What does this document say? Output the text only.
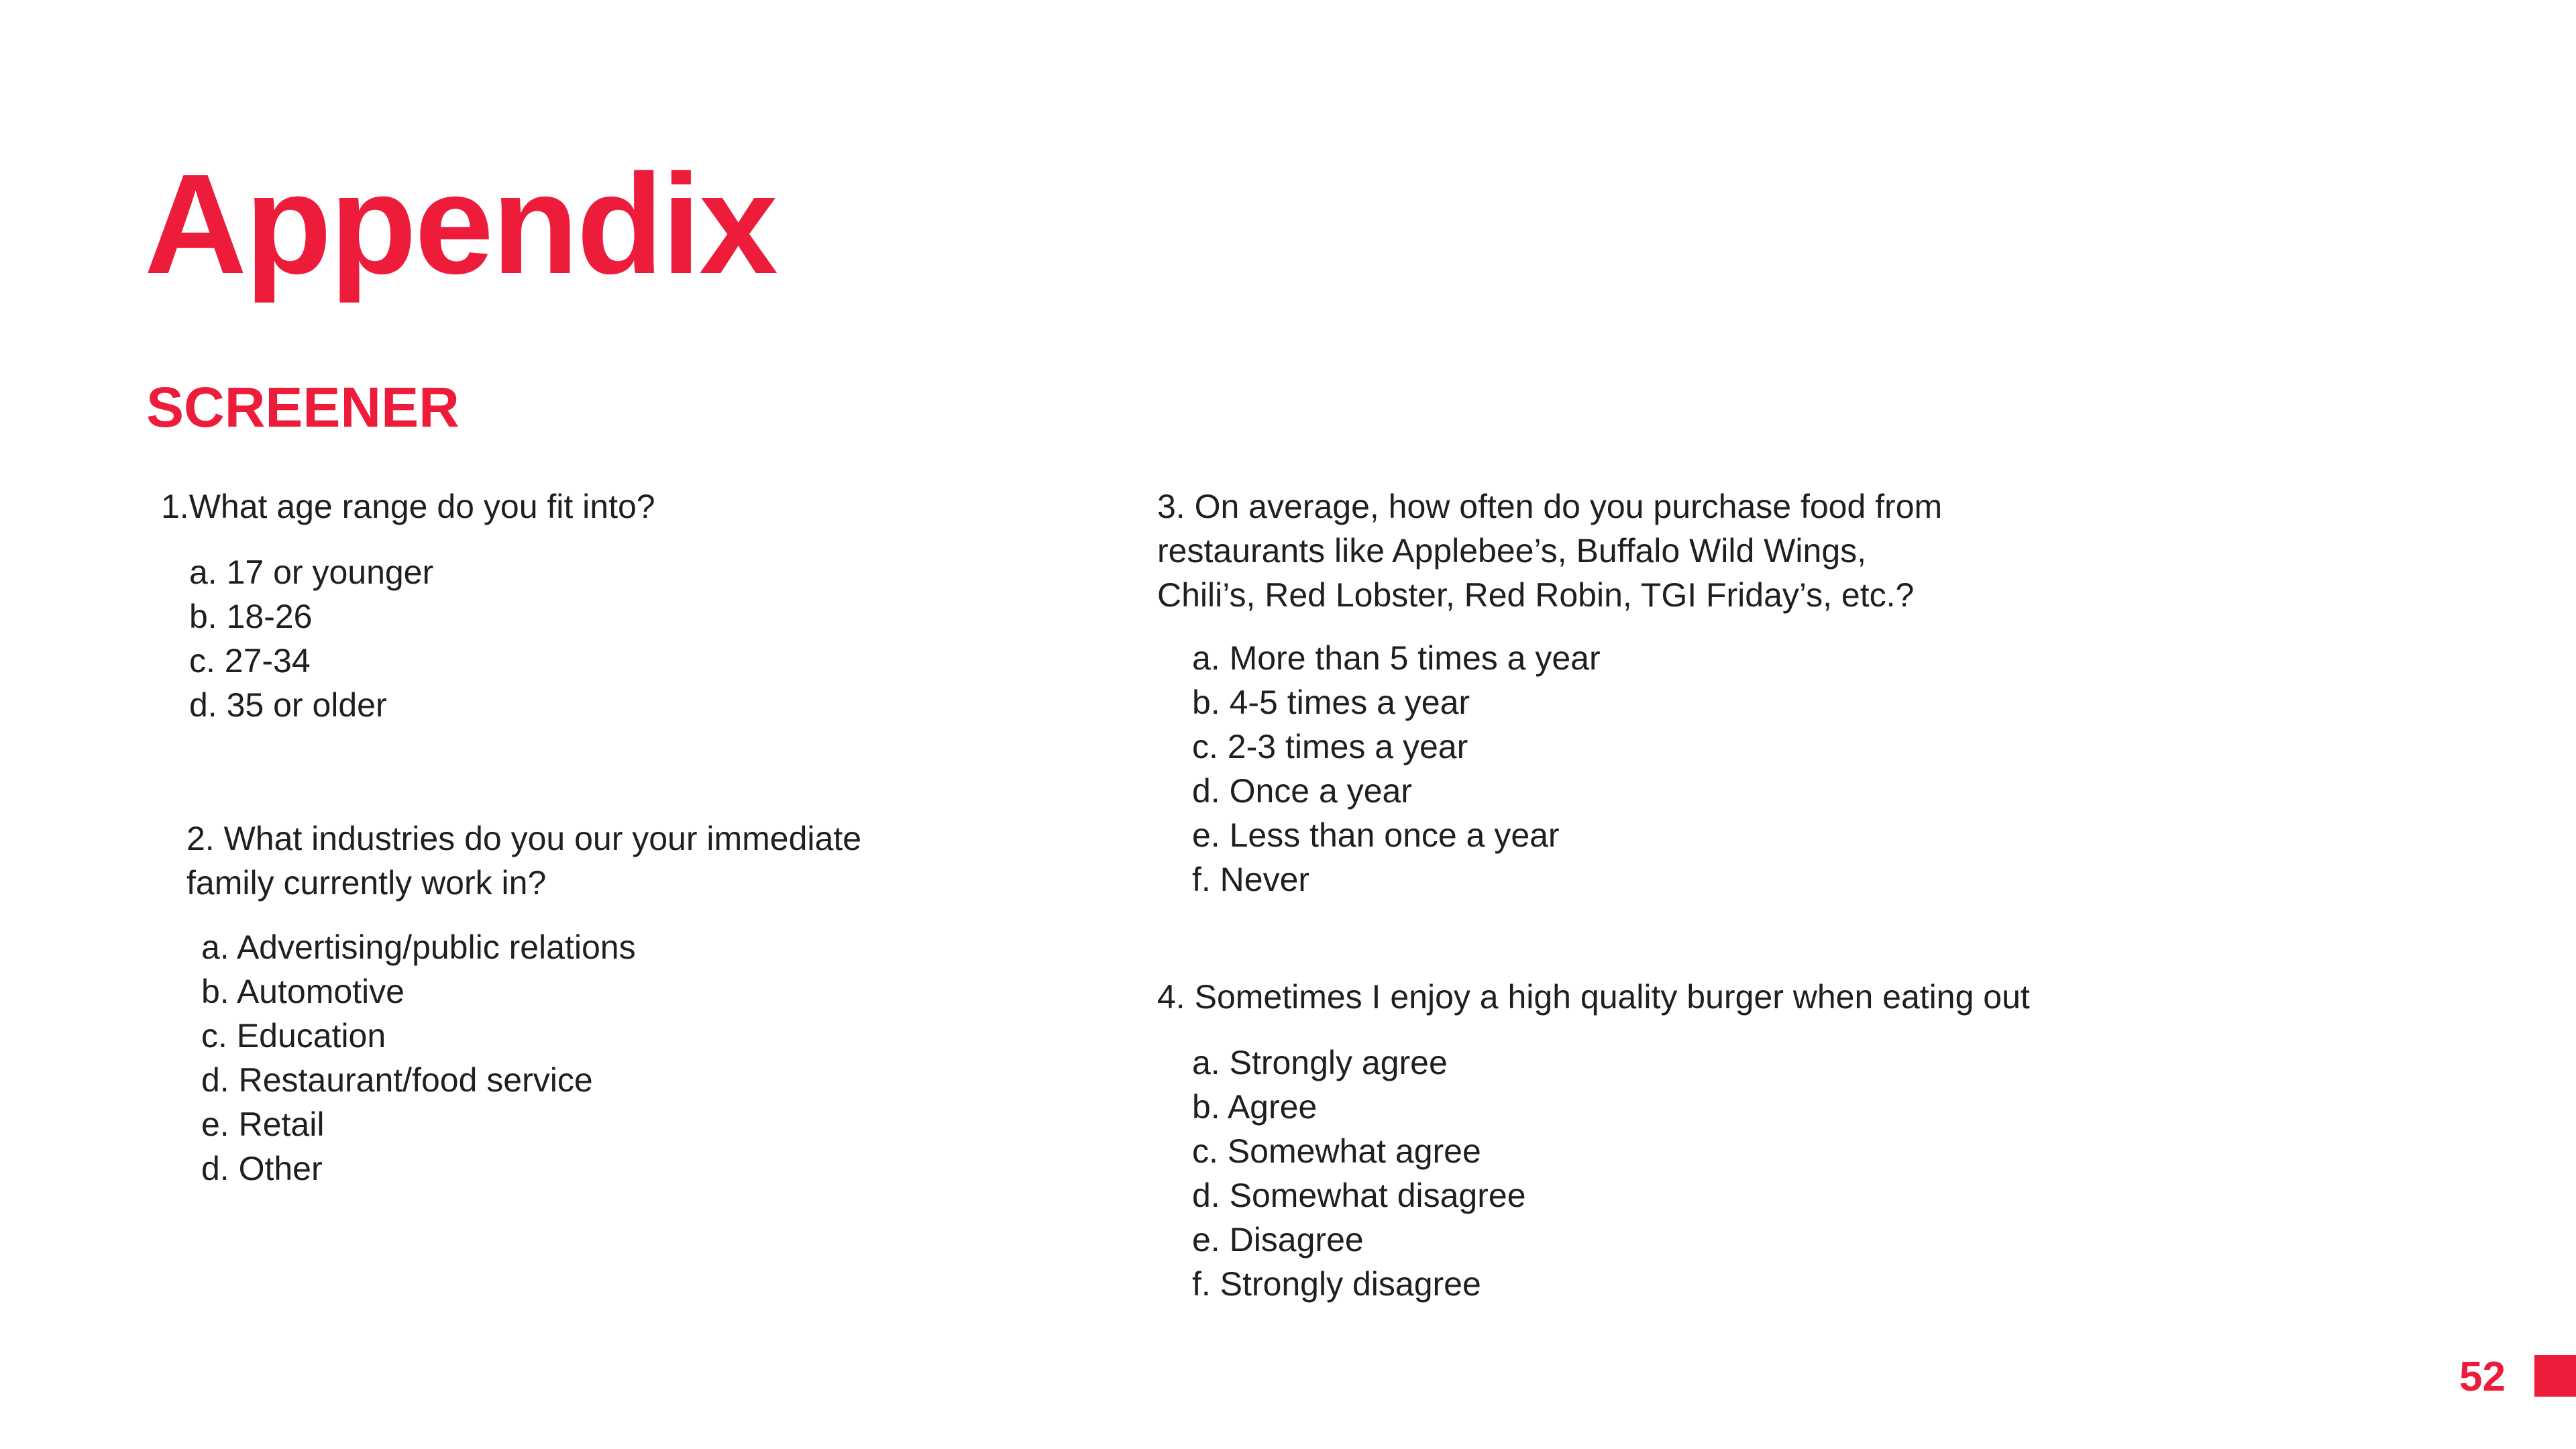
Appendix
SCREENER

1.What age range do you fit into?

a. 17 or younger
b. 18-26
c. 27-34
d. 35 or older

2. What industries do you our your immediate
family currently work in?

a. Advertising/public relations
b. Automotive
c. Education
d. Restaurant/food service
e. Retail
d. Other

3. On average, how often do you purchase food from
restaurants like Applebee’s, Buffalo Wild Wings,
Chili’s, Red Lobster, Red Robin, TGI Friday’s, etc.?

a. More than 5 times a year
b. 4-5 times a year
c. 2-3 times a year
d. Once a year
e. Less than once a year
f. Never

4. Sometimes I enjoy a high quality burger when eating out

a. Strongly agree
b. Agree
c. Somewhat agree
d. Somewhat disagree
e. Disagree
f. Strongly disagree
52
